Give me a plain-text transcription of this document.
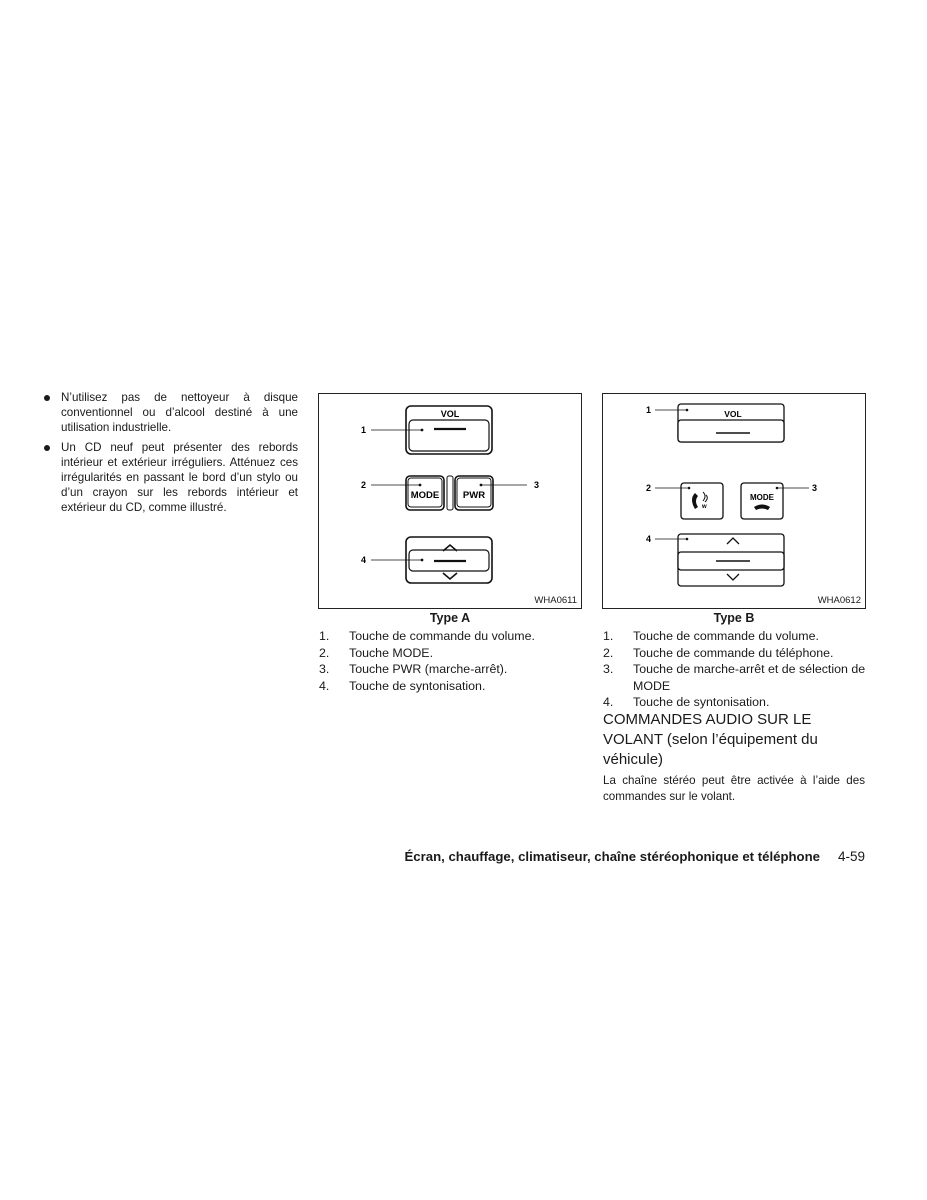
N’utilisez pas de nettoyeur à disque conventionnel ou d’alcool destiné à une utilisation industrielle.
Un CD neuf peut présenter des rebords intérieur et extérieur irréguliers. Atténuez ces irrégularités en passant le bord d’un stylo ou d’un crayon sur les rebords intérieur et extérieur du CD, comme illustré.
VOL
MODE PWR
1
2	3
4
WHA0611
Type A
1. Touche de commande du volume.
2. Touche MODE.
3. Touche PWR (marche-arrêt).
4. Touche de syntonisation.
VOL
w
MODE
1
2	3
4
WHA0612
Type B
1. Touche de commande du volume.
2. Touche de commande du téléphone.
3. Touche de marche-arrêt et de sélection de MODE
4. Touche de syntonisation.
COMMANDES AUDIO SUR LE VOLANT (selon l’équipement du véhicule)
La chaîne stéréo peut être activée à l’aide des commandes sur le volant.
Écran, chauffage, climatiseur, chaîne stéréophonique et téléphone 4-59
